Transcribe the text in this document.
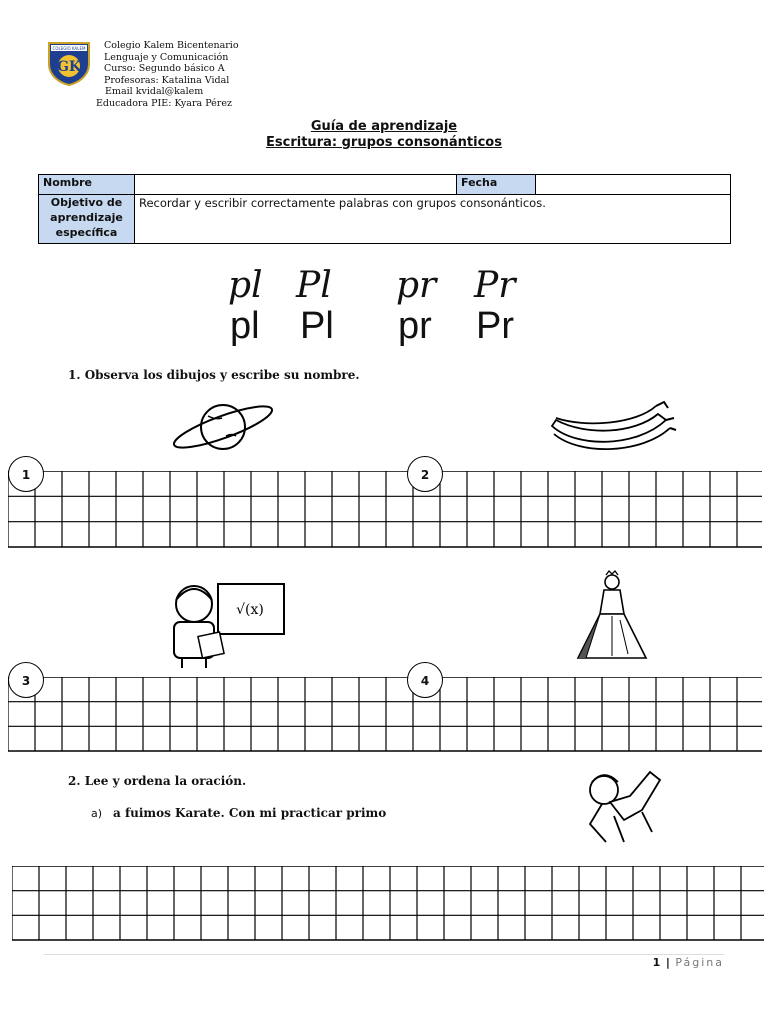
COLEGIO KALEM
GK
Colegio Kalem Bicentenario
Lenguaje y Comunicación
Curso: Segundo básico A
Profesoras: Katalina Vidal
Email kvidal@kalem
Educadora PIE: Kyara Pérez
Guía de aprendizaje
Escritura: grupos consonánticos
Nombre		Fecha	
Objetivo de aprendizaje específica	Recordar y escribir correctamente palabras con grupos consonánticos.		
pl Pl pr Pr
pl Pl pr Pr
1. Observa los dibujos y escribe su nombre.
√(x)
1	2
3	4
2. Lee y ordena la oración.
a) a fuimos Karate. Con mi practicar primo
1 | Página
